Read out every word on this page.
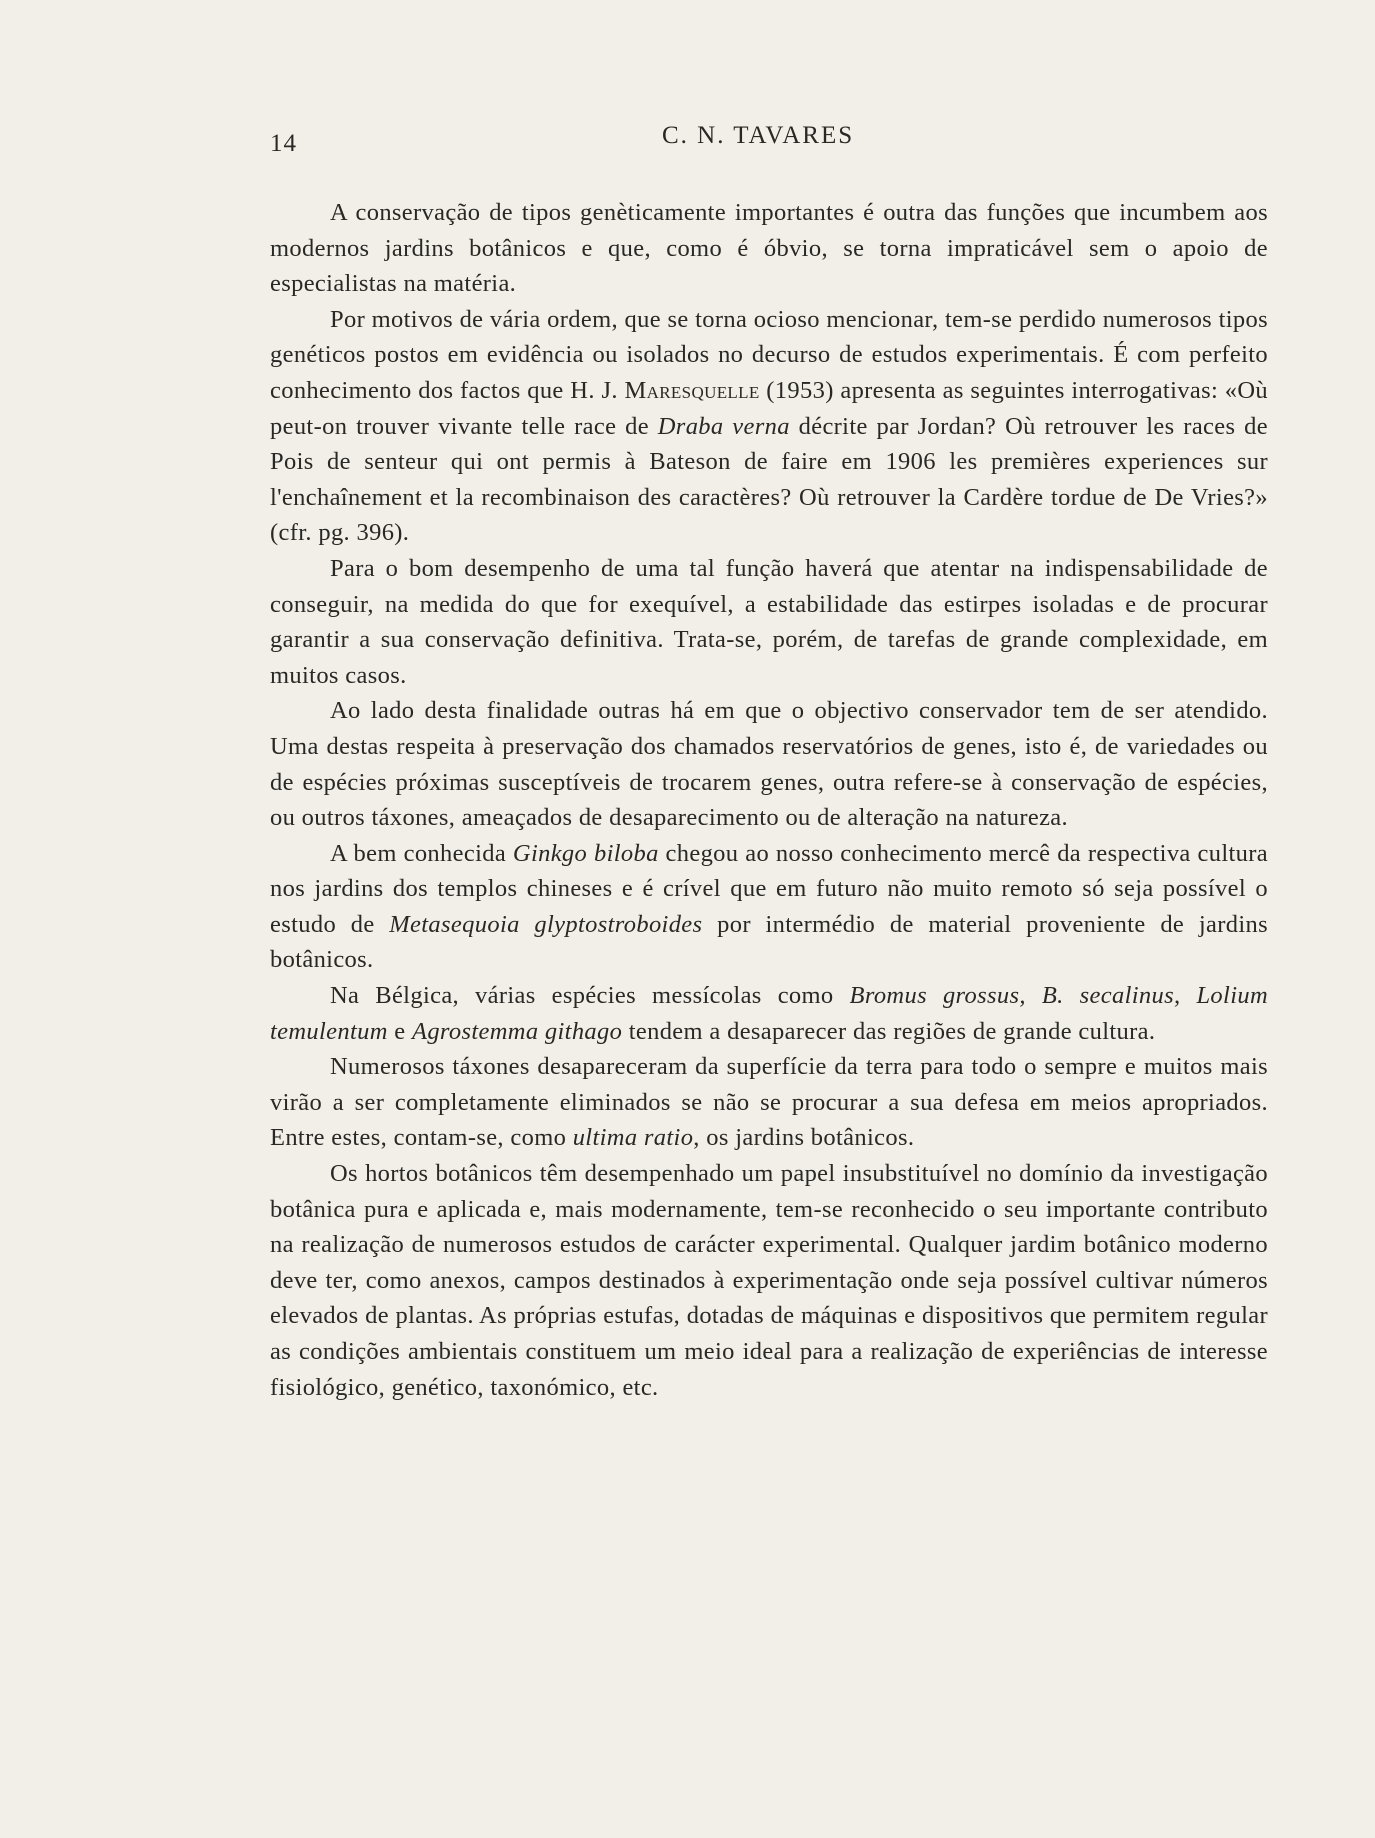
14	C. N. TAVARES

A conservação de tipos genèticamente importantes é outra das funções que incumbem aos modernos jardins botânicos e que, como é óbvio, se torna impraticável sem o apoio de especialistas na matéria.

Por motivos de vária ordem, que se torna ocioso mencionar, tem-se perdido numerosos tipos genéticos postos em evidência ou isolados no decurso de estudos experimentais. É com perfeito conhecimento dos factos que H. J. Maresquelle (1953) apresenta as seguintes interrogativas: «Où peut-on trouver vivante telle race de Draba verna décrite par Jordan? Où retrouver les races de Pois de senteur qui ont permis à Bateson de faire em 1906 les premières experiences sur l'enchaînement et la recombinaison des caractères? Où retrouver la Cardère tordue de De Vries?» (cfr. pg. 396).

Para o bom desempenho de uma tal função haverá que atentar na indispensabilidade de conseguir, na medida do que for exequível, a estabilidade das estirpes isoladas e de procurar garantir a sua conservação definitiva. Trata-se, porém, de tarefas de grande complexidade, em muitos casos.

Ao lado desta finalidade outras há em que o objectivo conservador tem de ser atendido. Uma destas respeita à preservação dos chamados reservatórios de genes, isto é, de variedades ou de espécies próximas susceptíveis de trocarem genes, outra refere-se à conservação de espécies, ou outros táxones, ameaçados de desaparecimento ou de alteração na natureza.

A bem conhecida Ginkgo biloba chegou ao nosso conhecimento mercê da respectiva cultura nos jardins dos templos chineses e é crível que em futuro não muito remoto só seja possível o estudo de Metasequoia glyptostroboides por intermédio de material proveniente de jardins botânicos.

Na Bélgica, várias espécies messícolas como Bromus grossus, B. secalinus, Lolium temulentum e Agrostemma githago tendem a desaparecer das regiões de grande cultura.

Numerosos táxones desapareceram da superfície da terra para todo o sempre e muitos mais virão a ser completamente eliminados se não se procurar a sua defesa em meios apropriados. Entre estes, contam-se, como ultima ratio, os jardins botânicos.

Os hortos botânicos têm desempenhado um papel insubstituível no domínio da investigação botânica pura e aplicada e, mais modernamente, tem-se reconhecido o seu importante contributo na realização de numerosos estudos de carácter experimental. Qualquer jardim botânico moderno deve ter, como anexos, campos destinados à experimentação onde seja possível cultivar números elevados de plantas. As próprias estufas, dotadas de máquinas e dispositivos que permitem regular as condições ambientais constituem um meio ideal para a realização de experiências de interesse fisiológico, genético, taxonómico, etc.
